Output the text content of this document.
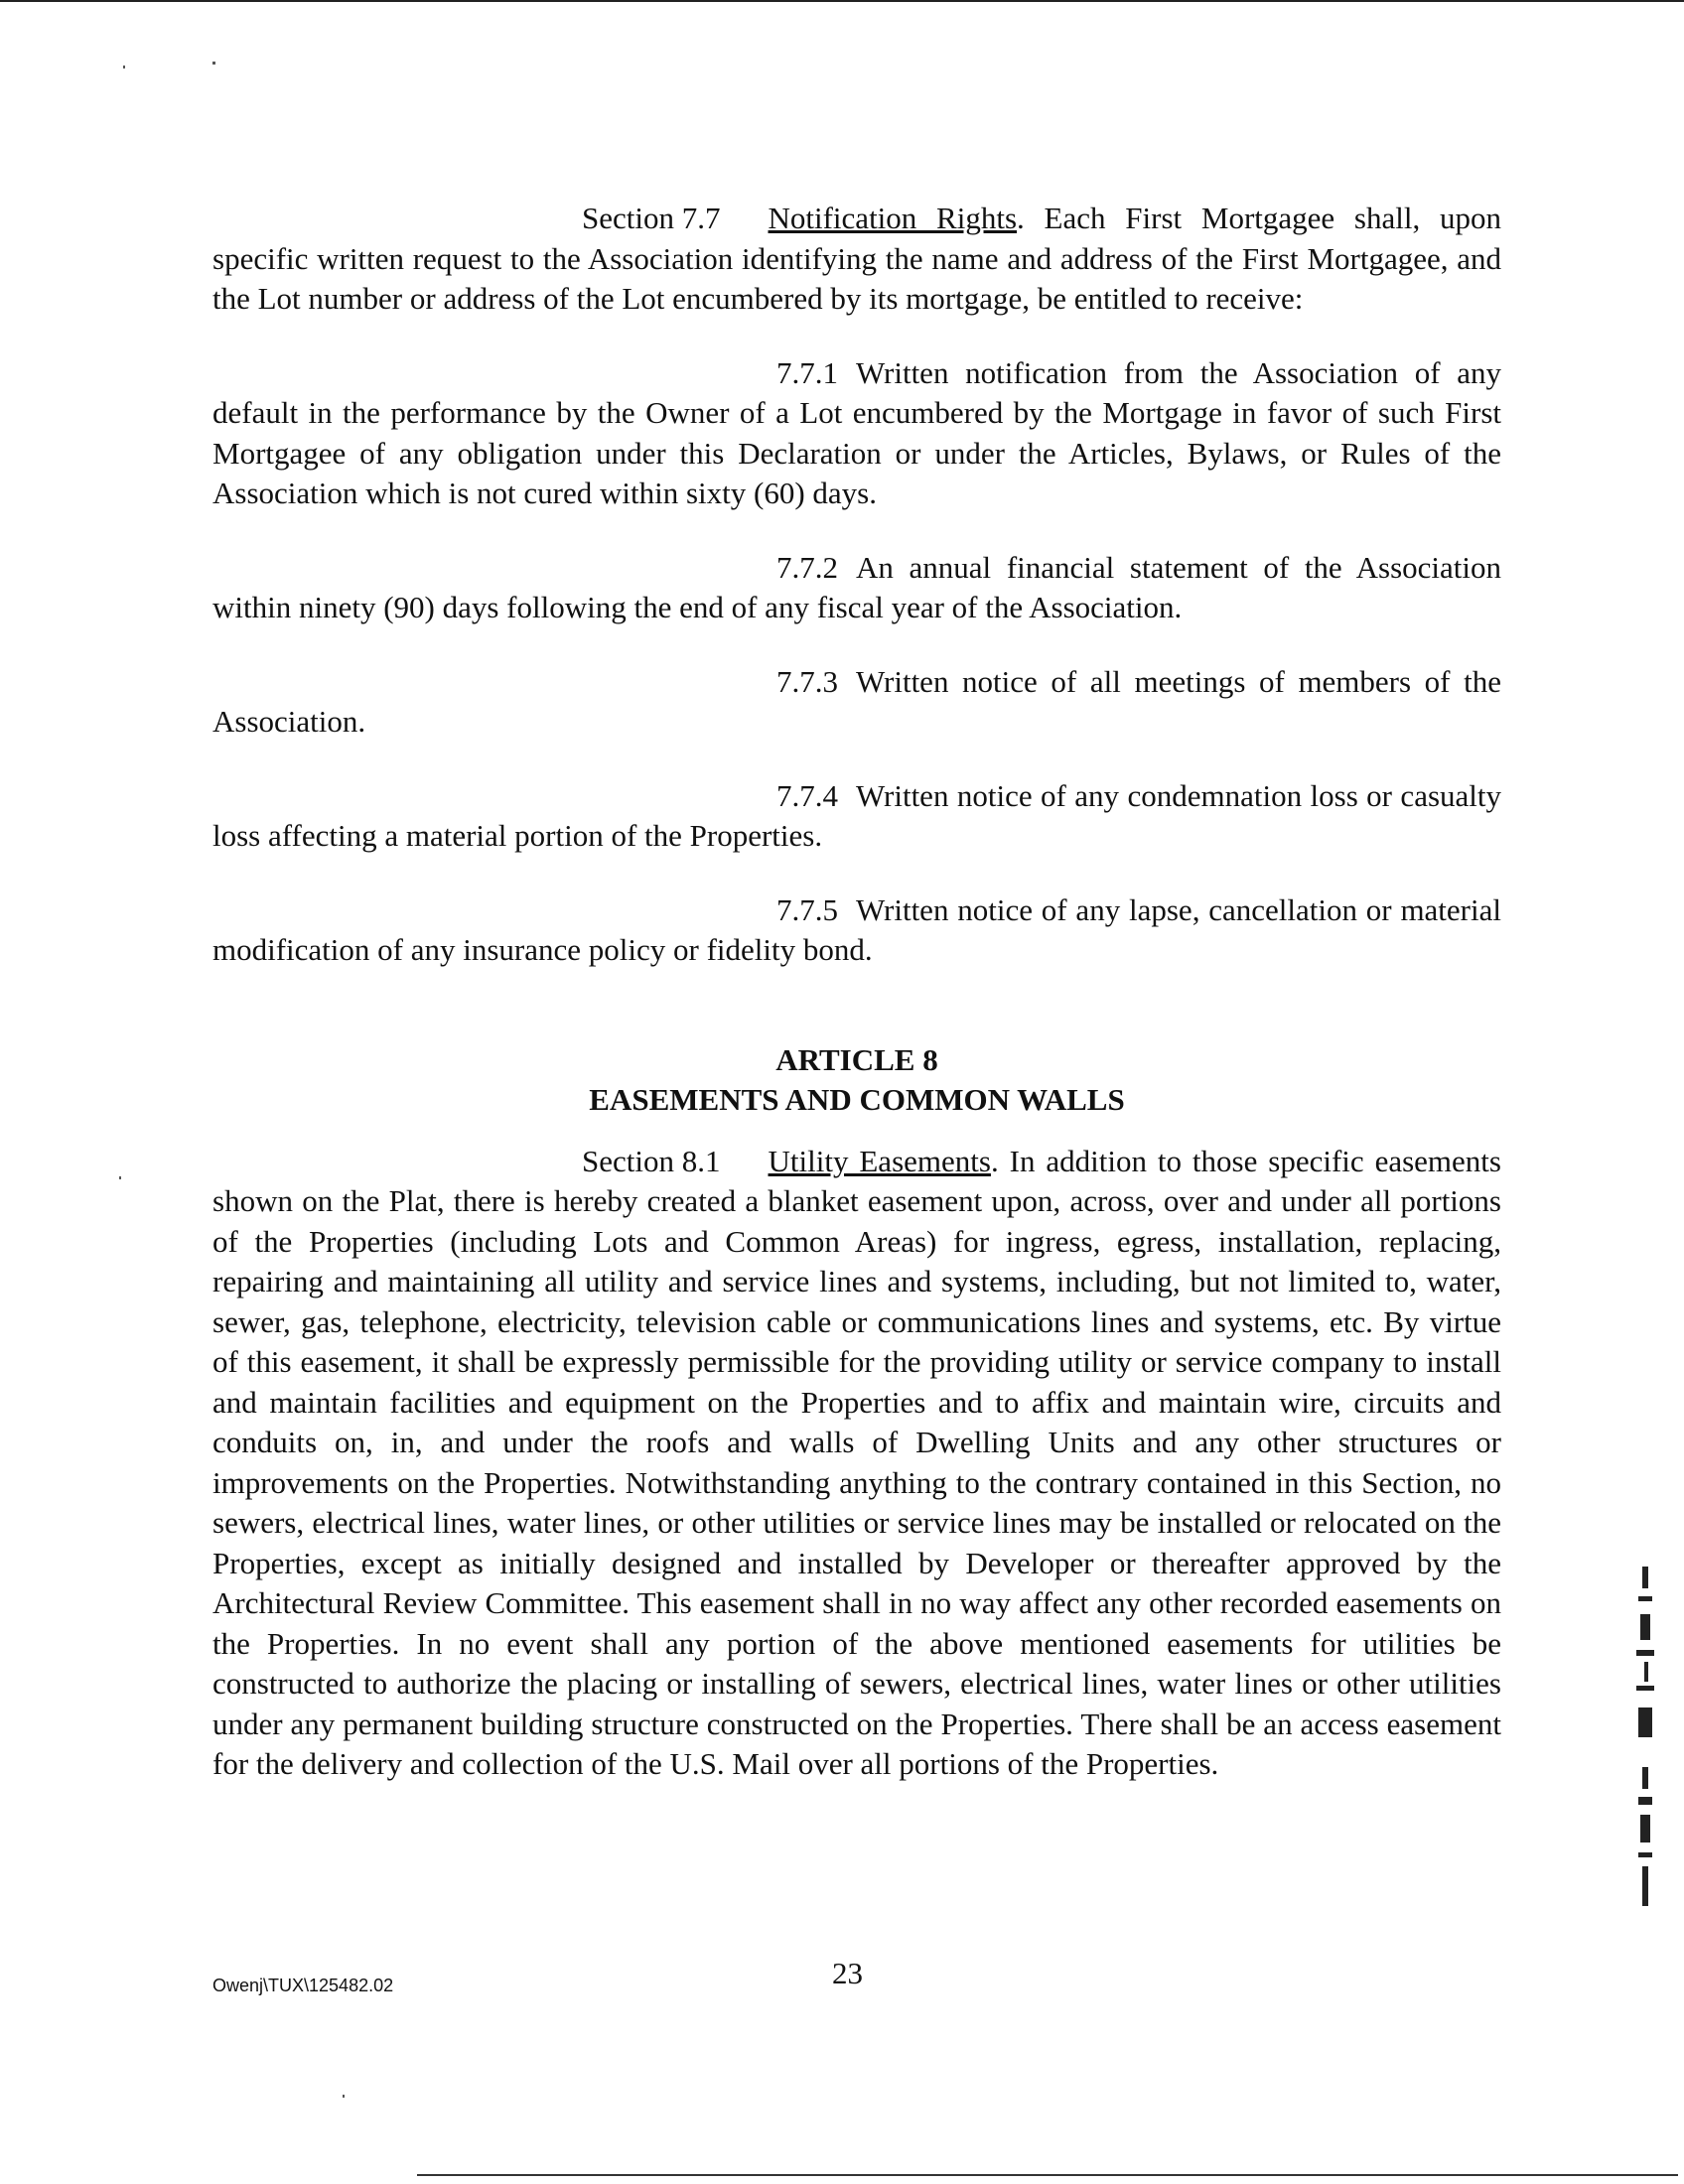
Section 7.7 Notification Rights. Each First Mortgagee shall, upon specific written request to the Association identifying the name and address of the First Mortgagee, and the Lot number or address of the Lot encumbered by its mortgage, be entitled to receive:

7.7.1 Written notification from the Association of any default in the performance by the Owner of a Lot encumbered by the Mortgage in favor of such First Mortgagee of any obligation under this Declaration or under the Articles, Bylaws, or Rules of the Association which is not cured within sixty (60) days.

7.7.2 An annual financial statement of the Association within ninety (90) days following the end of any fiscal year of the Association.

7.7.3 Written notice of all meetings of members of the Association.

7.7.4 Written notice of any condemnation loss or casualty loss affecting a material portion of the Properties.

7.7.5 Written notice of any lapse, cancellation or material modification of any insurance policy or fidelity bond.

ARTICLE 8

EASEMENTS AND COMMON WALLS

Section 8.1 Utility Easements. In addition to those specific easements shown on the Plat, there is hereby created a blanket easement upon, across, over and under all portions of the Properties (including Lots and Common Areas) for ingress, egress, installation, replacing, repairing and maintaining all utility and service lines and systems, including, but not limited to, water, sewer, gas, telephone, electricity, television cable or communications lines and systems, etc. By virtue of this easement, it shall be expressly permissible for the providing utility or service company to install and maintain facilities and equipment on the Properties and to affix and maintain wire, circuits and conduits on, in, and under the roofs and walls of Dwelling Units and any other structures or improvements on the Properties. Notwithstanding anything to the contrary contained in this Section, no sewers, electrical lines, water lines, or other utilities or service lines may be installed or relocated on the Properties, except as initially designed and installed by Developer or thereafter approved by the Architectural Review Committee. This easement shall in no way affect any other recorded easements on the Properties. In no event shall any portion of the above mentioned easements for utilities be constructed to authorize the placing or installing of sewers, electrical lines, water lines or other utilities under any permanent building structure constructed on the Properties. There shall be an access easement for the delivery and collection of the U.S. Mail over all portions of the Properties.

Owenj\TUX\125482.02	23
